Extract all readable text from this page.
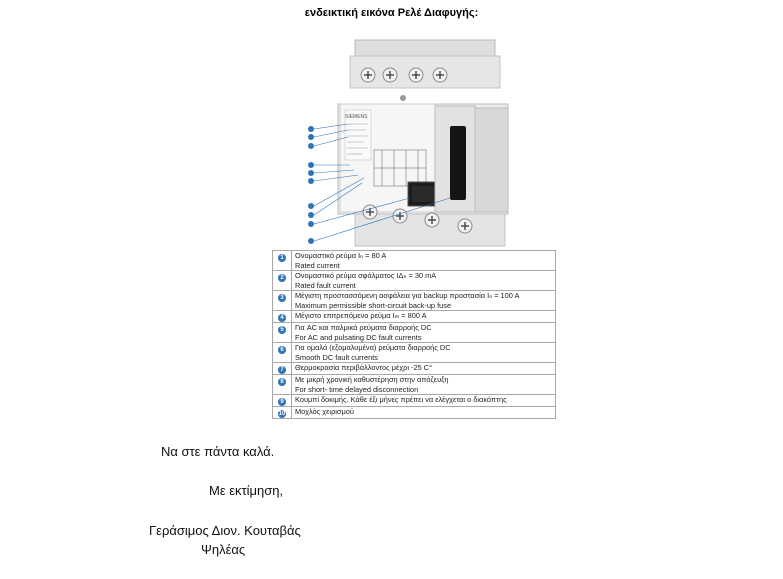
ενδεικτική εικόνα Ρελέ Διαφυγής:
SIEMENS
1	Ονομαστικό ρεύμα Iₙ = 80 A
Rated current

2	Ονομαστικό ρεύμα σφάλματος IΔₙ = 30 mA
Rated fault current

3	Μέγιστη προστασσόμενη ασφάλεια για backup προστασία Iₙ = 100 A
Maximum permissible short-circuit back-up fuse

4	Μέγιστο επιτρεπόμενο ρεύμα Iₘ = 800 A

5	Για AC και παλμικά ρεύματα διαρροής DC
For AC and pulsating DC fault currents

6	Για ομαλά (εξομαλυμένα) ρεύματα διαρροής DC
Smooth DC fault currents

7	Θερμοκρασία περιβάλλοντος μέχρι -25 C°

8	Με μικρή χρονική καθυστέρηση στην απόζευξη
For short- time delayed disconnection

9	Κουμπί δοκιμής. Κάθε έξι μήνες πρέπει να ελέγχεται ο διακόπτης

10	Μοχλός χειρισμού
Να στε πάντα καλά.
Με εκτίμηση,
Γεράσιμος Διον. Κουταβάς
Ψηλέας
